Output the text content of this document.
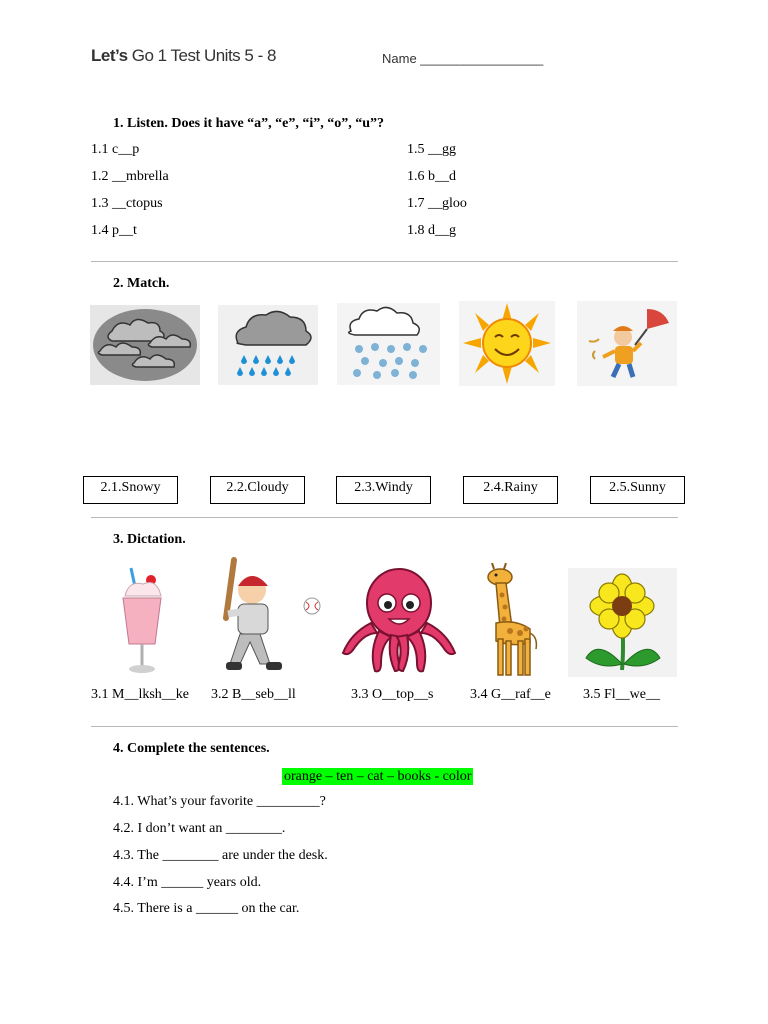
Let’s Go 1 Test Units 5 - 8	Name _________________
1. Listen. Does it have “a”, “e”, “i”, “o”, “u”?
1.1 c__p
1.2 __mbrella
1.3 __ctopus
1.4 p__t
1.5 __gg
1.6 b__d
1.7 __gloo
1.8 d__g
2. Match.
2.1.Snowy	2.2.Cloudy	2.3.Windy	2.4.Rainy	2.5.Sunny
3. Dictation.
3.1 M__lksh__ke 3.2 B__seb__ll	3.3 O__top__s	3.4 G__raf__e 3.5 Fl__we__
4. Complete the sentences.
orange – ten – cat – books - color
4.1. What’s your favorite _________?
4.2. I don’t want an ________.
4.3. The ________ are under the desk.
4.4. I’m ______ years old.
4.5. There is a ______ on the car.
